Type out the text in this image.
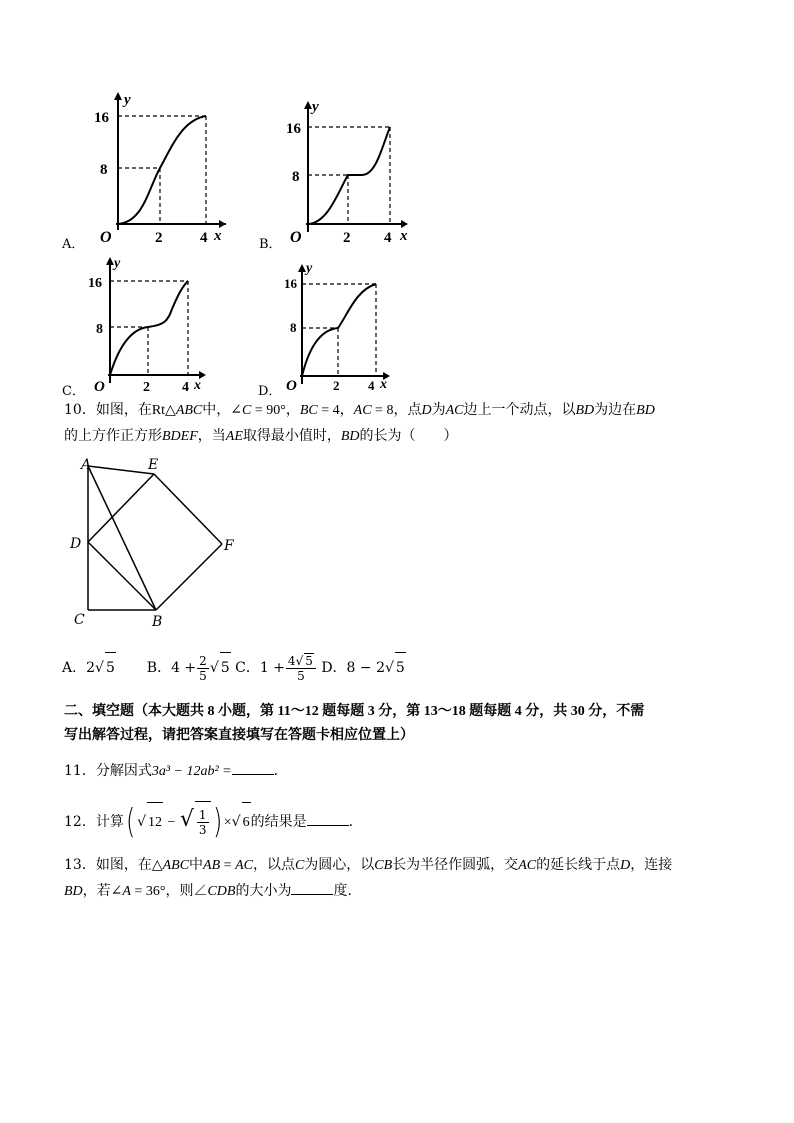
A．
y
16
8
O	2	4 x
B．
y
16
8
O	2 4 x
C．
y
16
8
O	2 4 x	D．
y
16
8
O	2 4 x
10．如图，在Rt△ABC中，∠C = 90°，BC = 4，AC = 8，点D为AC边上一个动点，以BD为边在BD
的上方作正方形BDEF，当AE取得最小值时，BD的长为（　　）
A	E
D	F
C	B
A．2√ 5 B．$4 + \frac{2}{5}$ √ 5 C．$1 + \frac{4√ 5}{5}$ D．8 − 2√ 5
二、填空题（本大题共 8 小题，第 11～12 题每题 3 分，第 13～18 题每题 4 分，共 30 分，不需
写出解答过程，请把答案直接填写在答题卡相应位置上）
11．分解因式3a³ − 12ab² =	.
12．计算( √ 12 − √ $\frac{1}{3}$ ) ×√ 6的结果是	.
13．如图，在△ABC中AB = AC，以点C为圆心，以CB长为半径作圆弧，交AC的延长线于点D，连接
BD，若∠A = 36°，则∠CDB的大小为	度.
